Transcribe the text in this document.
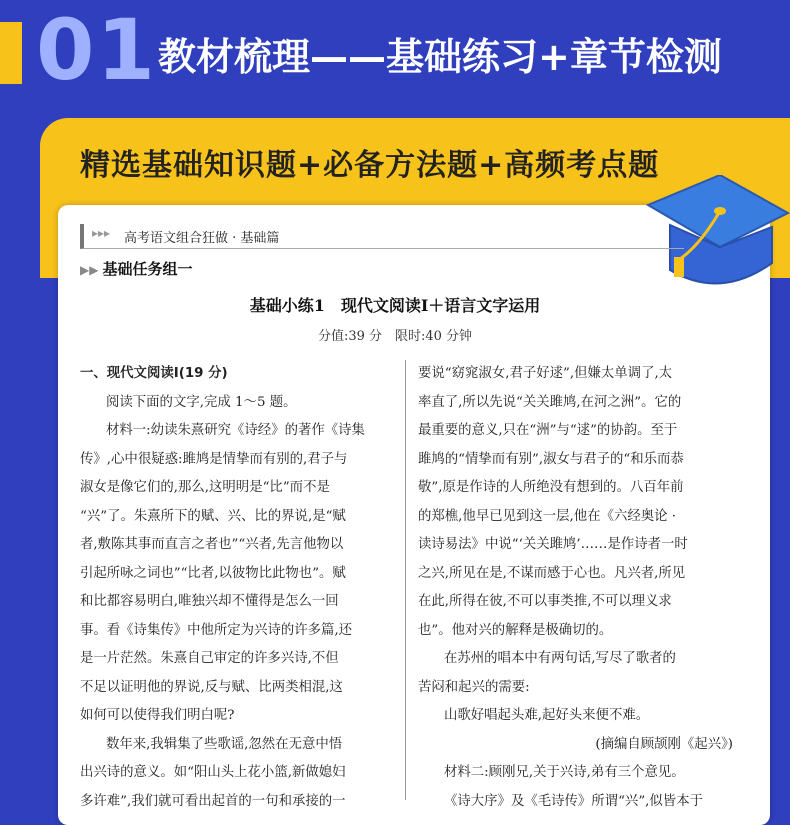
01 教材梳理——基础练习+章节检测
精选基础知识题+必备方法题+高频考点题
▸▸▸ 高考语文组合狂做 · 基础篇
▶▶ 基础任务组一
基础小练1　现代文阅读Ⅰ＋语言文字运用
分值:39 分　限时:40 分钟
一、现代文阅读Ⅰ(19 分)
阅读下面的文字,完成 1～5 题。
材料一:幼读朱熹研究《诗经》的著作《诗集
传》,心中很疑惑:雎鸠是情挚而有别的,君子与
淑女是像它们的,那么,这明明是“比”而不是
“兴”了。朱熹所下的赋、兴、比的界说,是“赋
者,敷陈其事而直言之者也”“兴者,先言他物以
引起所咏之词也”“比者,以彼物比此物也”。赋
和比都容易明白,唯独兴却不懂得是怎么一回
事。看《诗集传》中他所定为兴诗的许多篇,还
是一片茫然。朱熹自己审定的许多兴诗,不但
不足以证明他的界说,反与赋、比两类相混,这
如何可以使得我们明白呢?
数年来,我辑集了些歌谣,忽然在无意中悟
出兴诗的意义。如“阳山头上花小篮,新做媳妇
多许难”,我们就可看出起首的一句和承接的一
要说“窈窕淑女,君子好逑”,但嫌太单调了,太
率直了,所以先说“关关雎鸠,在河之洲”。它的
最重要的意义,只在“洲”与“逑”的协韵。至于
雎鸠的“情挚而有别”,淑女与君子的“和乐而恭
敬”,原是作诗的人所绝没有想到的。八百年前
的郑樵,他早已见到这一层,他在《六经奥论 ·
读诗易法》中说“‘关关雎鸠’……是作诗者一时
之兴,所见在是,不谋而感于心也。凡兴者,所见
在此,所得在彼,不可以事类推,不可以理义求
也”。他对兴的解释是极确切的。
在苏州的唱本中有两句话,写尽了歌者的
苦闷和起兴的需要:
山歌好唱起头难,起好头来便不难。
(摘编自顾颉刚《起兴》)
材料二:顾刚兄,关于兴诗,弟有三个意见。
《诗大序》及《毛诗传》所谓“兴”,似皆本于
